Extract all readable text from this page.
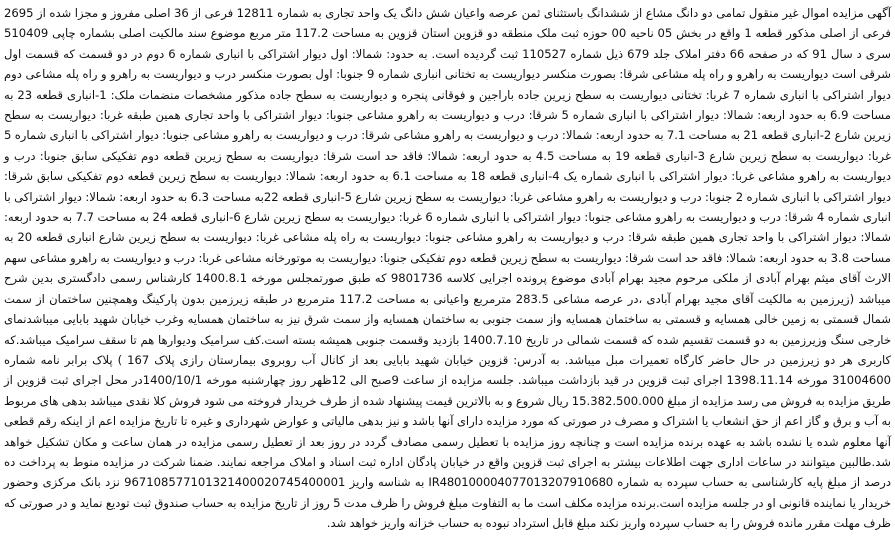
آگهی مزایده اموال غیر منقول تمامی دو دانگ مشاع از ششدانگ باستثنای ثمن عرصه واعیان شش دانگ یک واحد تجاری به شماره 12811 فرعی از 36 اصلی مفروز و مجزا شده از 2695 فرعی از اصلی مذکور قطعه 1 واقع در بخش 05 ناحیه 00 حوزه ثبت ملک منطقه دو قزوین استان قزوین به مساحت 117.2 متر مربع موضوع سند مالکیت اصلی بشماره چاپی 510409 سری د سال 91 که در صفحه 66 دفتر املاک جلد 679 ذیل شماره 110527 ثبت گردیده است. به حدود: شمالا: اول دیوار اشتراکی با انباری شماره 6 دوم در دو قسمت که قسمت اول شرقی است دیواریست به راهرو و راه پله مشاعی شرقا: بصورت منکسر دیواریست به تختانی انباری شماره 9 جنوبا: اول بصورت منکسر درب و دیواریست به راهرو و راه پله مشاعی دوم دیوار اشتراکی با انباری شماره 7 غربا: تختانی دیواریست به سطح زیرین جاده باراجین و فوقانی پنجره و دیواریست به سطح جاده مذکور مشخصات منضمات ملک: 1-انباری قطعه 23 به مساحت 6.9 به حدود اربعه: شمالا: دیوار اشتراکی با انباری شماره 5 شرقا: درب و دیواریست به راهرو مشاعی جنوبا: دیوار اشتراکی با واحد تجاری همین طبقه غربا: دیواریست به سطح زیرین شارع 2-انباری قطعه 21 به مساحت 7.1 به حدود اربعه: شمالا: درب و دیواریست به راهرو مشاعی شرقا: درب و دیواریست به راهرو مشاعی جنوبا: دیوار اشتراکی با انباری شماره 5 غربا: دیواریست به سطح زیرین شارع 3-انباری قطعه 19 به مساحت 4.5 به حدود اربعه: شمالا: فاقد حد است شرقا: دیواریست به سطح زیرین قطعه دوم تفکیکی سابق جنوبا: درب و دیواریست به راهرو مشاعی غربا: دیوار اشتراکی با انباری شماره یک 4-انباری قطعه 18 به مساحت 6.1 به حدود اربعه: شمالا: دیواریست به سطح زیرین قطعه دوم تفکیکی سابق شرقا: دیوار اشتراکی با انباری شماره 2 جنوبا: درب و دیواریست به راهرو مشاعی غربا: دیواریست به سطح زیرین شارع 5-انباری قطعه 22به مساحت 6.3 به حدود اربعه: شمالا: دیوار اشتراکی با انباری شماره 4 شرقا: درب و دیواریست به راهرو مشاعی جنوبا: دیوار اشتراکی با انباری شماره 6 غربا: دیواریست به سطح زیرین شارع 6-انباری قطعه 24 به مساحت 7.7 به حدود اربعه: شمالا: دیوار اشتراکی با واحد تجاری همین طبقه شرقا: درب و دیواریست به راهرو مشاعی جنوبا: دیواریست به راه پله مشاعی غربا: دیواریست به سطح زیرین شارع انباری قطعه 20 به مساحت 3.8 به حدود اربعه: شمالا: فاقد حد است شرقا: دیواریست به سطح زیرین قطعه دوم تفکیکی جنوبا: دیواریست به موتورخانه مشاعی غربا: درب و دیواریست به راهرو مشاعی سهم الارث آقای میثم بهرام آبادی از ملکی مرحوم مجید بهرام آبادی موضوع پرونده اجرایی کلاسه 9801736 که طبق صورتمجلس مورخه 1400.8.1 کارشناس رسمی دادگستری بدین شرح میباشد (زیرزمین به مالکیت آقای مجید بهرام آبادی ،در عرصه مشاعی 283.5 مترمربع واعیانی به مساحت 117.2 مترمربع در طبقه زیرزمین بدون پارکینگ وهمچنین ساختمان از سمت شمال قسمتی به زمین خالی همسایه و قسمتی به ساختمان همسایه واز سمت جنوبی به ساختمان همسایه واز سمت شرق نیز به ساختمان همسایه وغرب خیابان شهید بابایی میباشدنمای خارجی سنگ وزیرزمین به دو قسمت تقسیم شده که قسمت شمالی در تاریخ 1400.7.10 بازدید وقسمت جنوبی همیشه بسته است.کف سرامیک ودیوارها هم تا سقف سرامیک میباشد.که کاربری هر دو زیرزمین در حال حاضر کارگاه تعمیرات مبل میباشد. به آدرس: قزوین خیابان شهید بابایی بعد از کانال آب روبروی بیمارستان رازی پلاک 167 ) پلاک برابر نامه شماره 31004600 مورخه 1398.11.14 اجرای ثبت قزوین در قید بازداشت میباشد. جلسه مزایده از ساعت 9صبح الی 12ظهر روز چهارشنبه مورخه 1400/10/1در محل اجرای ثبت قزوین از طریق مزایده به فروش می رسد مزایده از مبلغ 15.382.500.000 ریال شروع و به بالاترین قیمت پیشنهاد شده از طرف خریدار فروخته می شود فروش کلا نقدی میباشد بدهی های مربوط به آب و برق و گاز اعم از حق انشعاب یا اشتراک و مصرف در صورتی که مورد مزایده دارای آنها باشد و نیز بدهی مالیاتی و عوارض شهرداری و غیره تا تاریخ مزایده اعم از اینکه رقم قطعی آنها معلوم شده یا نشده باشد به عهده برنده مزایده است و چنانچه روز مزایده با تعطیل رسمی مصادف گردد در روز بعد از تعطیل رسمی مزایده در همان ساعت و مکان تشکیل خواهد شد.طالبین میتوانند در ساعات اداری جهت اطلاعات بیشتر به اجرای ثبت قزوین واقع در خیابان پادگان اداره ثبت اسناد و املاک مراجعه نمایند. ضمنا شرکت در مزایده منوط به پرداخت ده درصد از مبلغ پایه کارشناسی به حساب سپرده به شماره IR480100004077013207910680 به شناسه واریز 967108577101321400020745400001 نزد بانک مرکزی وحضور خریدار یا نماینده قانونی او در جلسه مزایده است.برنده مزایده مکلف است ما به التفاوت مبلغ فروش را ظرف مدت 5 روز از تاریخ مزایده به حساب صندوق ثبت تودیع نماید و در صورتی که ظرف مهلت مقرر مانده فروش را به حساب سپرده واریز نکند مبلغ قابل استرداد نبوده به حساب خزانه واریز خواهد شد.
